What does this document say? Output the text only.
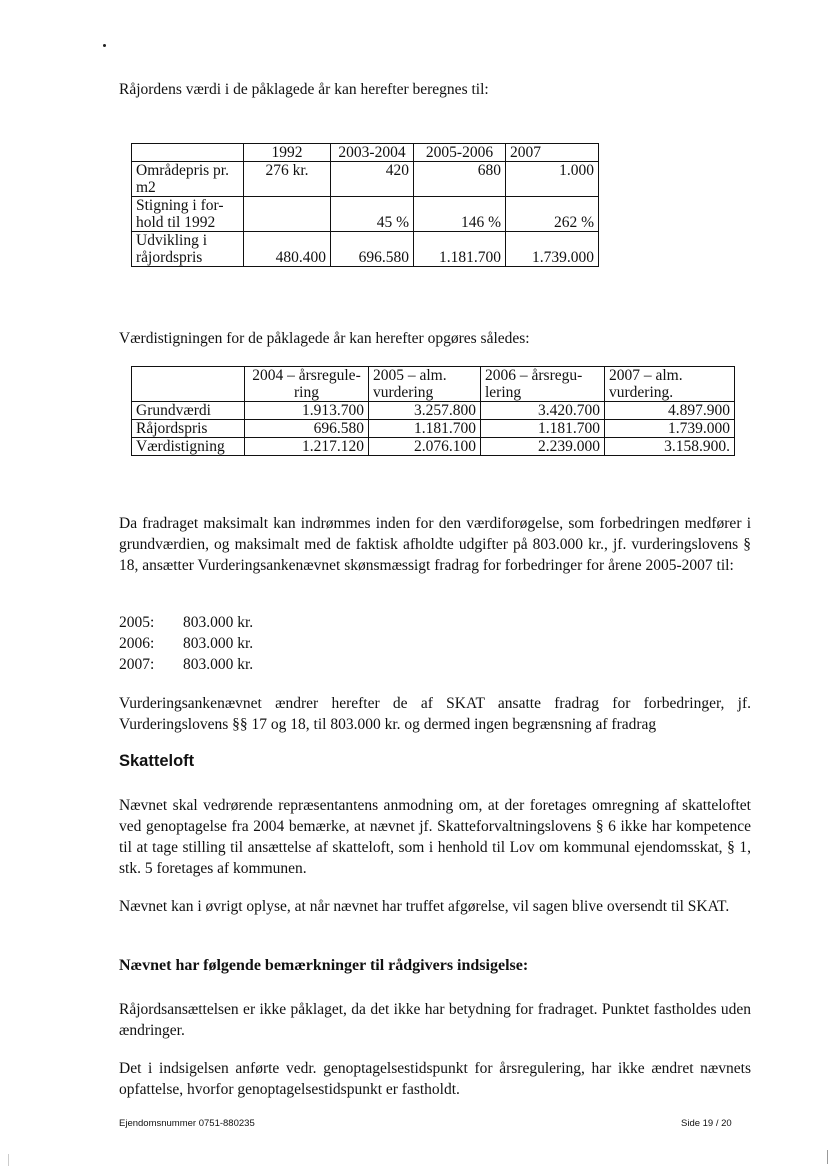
Råjordens værdi i de påklagede år kan herefter beregnes til:

	1992	2003-2004	2005-2006	2007
Områdepris pr. m2	276 kr.	420	680	1.000
Stigning i for-hold til 1992		45 %	146 %	262 %
Udvikling i råjordspris	480.400	696.580	1.181.700	1.739.000

Værdistigningen for de påklagede år kan herefter opgøres således:

	2004 – årsregule-ring	2005 – alm. vurdering	2006 – årsregu-lering	2007 – alm. vurdering.
Grundværdi	1.913.700	3.257.800	3.420.700	4.897.900
Råjordspris	696.580	1.181.700	1.181.700	1.739.000
Værdistigning	1.217.120	2.076.100	2.239.000	3.158.900.

Da fradraget maksimalt kan indrømmes inden for den værdiforøgelse, som forbedringen medfører i grundværdien, og maksimalt med de faktisk afholdte udgifter på 803.000 kr., jf. vurderingslovens § 18, ansætter Vurderingsankenævnet skønsmæssigt fradrag for forbedringer for årene 2005-2007 til:

2005:	803.000 kr.
2006:	803.000 kr.
2007:	803.000 kr.

Vurderingsankenævnet ændrer herefter de af SKAT ansatte fradrag for forbedringer, jf. Vurderingslovens §§ 17 og 18, til 803.000 kr. og dermed ingen begrænsning af fradrag

Skatteloft

Nævnet skal vedrørende repræsentantens anmodning om, at der foretages omregning af skatteloftet ved genoptagelse fra 2004 bemærke, at nævnet jf. Skatteforvaltningslovens § 6 ikke har kompetence til at tage stilling til ansættelse af skatteloft, som i henhold til Lov om kommunal ejendomsskat, § 1, stk. 5 foretages af kommunen.

Nævnet kan i øvrigt oplyse, at når nævnet har truffet afgørelse, vil sagen blive oversendt til SKAT.

Nævnet har følgende bemærkninger til rådgivers indsigelse:

Råjordsansættelsen er ikke påklaget, da det ikke har betydning for fradraget. Punktet fastholdes uden ændringer.

Det i indsigelsen anførte vedr. genoptagelsestidspunkt for årsregulering, har ikke ændret nævnets opfattelse, hvorfor genoptagelsestidspunkt er fastholdt.

Ejendomsnummer 0751-880235	Side 19 / 20
